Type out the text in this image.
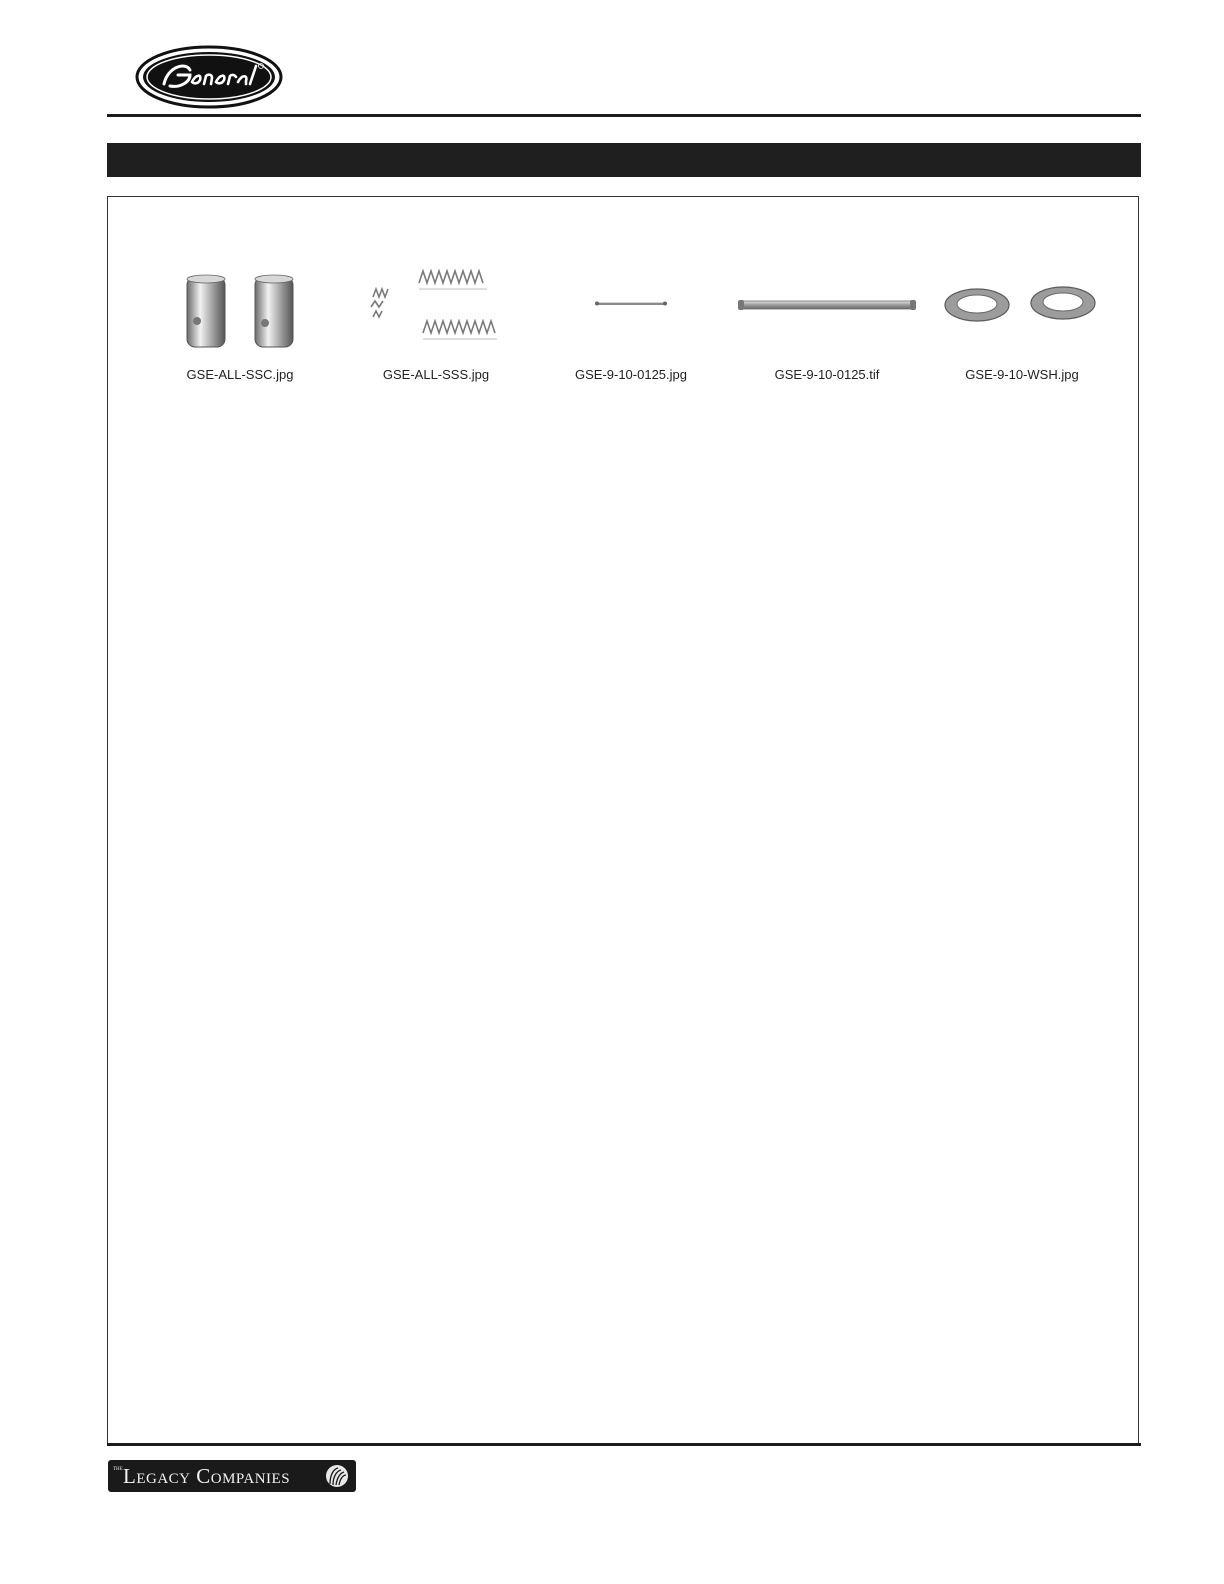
GSE-ALL-SSC.jpg	GSE-ALL-SSS.jpg	GSE-9-10-0125.jpg	GSE-9-10-0125.tif	GSE-9-10-WSH.jpg
THE Legacy Companies
